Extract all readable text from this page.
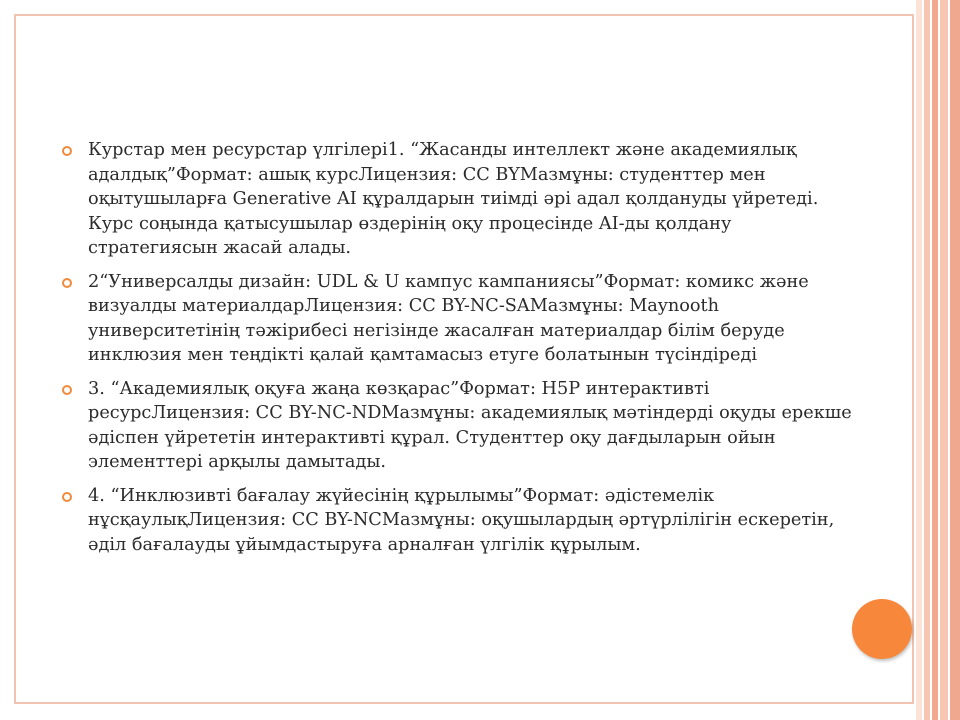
Курстар мен ресурстар үлгілері1. “Жасанды интеллект және академиялық адалдық”Формат: ашық курсЛицензия: CC BYМазмұны: студенттер мен оқытушыларға Generative AI құралдарын тиімді әрі адал қолдануды үйретеді. Курс соңында қатысушылар өздерінің оқу процесінде AI-ды қолдану стратегиясын жасай алады.
2“Универсалды дизайн: UDL & U кампус кампаниясы”Формат: комикс және визуалды материалдарЛицензия: CC BY-NC-SAМазмұны: Maynooth университетінің тәжірибесі негізінде жасалған материалдар білім беруде инклюзия мен теңдікті қалай қамтамасыз етуге болатынын түсіндіреді
3. “Академиялық оқуға жаңа көзқарас”Формат: H5P интерактивті ресурсЛицензия: CC BY-NC-NDМазмұны: академиялық мәтіндерді оқуды ерекше әдіспен үйрететін интерактивті құрал. Студенттер оқу дағдыларын ойын элементтері арқылы дамытады.
4. “Инклюзивті бағалау жүйесінің құрылымы”Формат: әдістемелік нұсқаулықЛицензия: CC BY-NCМазмұны: оқушылардың әртүрлілігін ескеретін, әділ бағалауды ұйымдастыруға арналған үлгілік құрылым.
